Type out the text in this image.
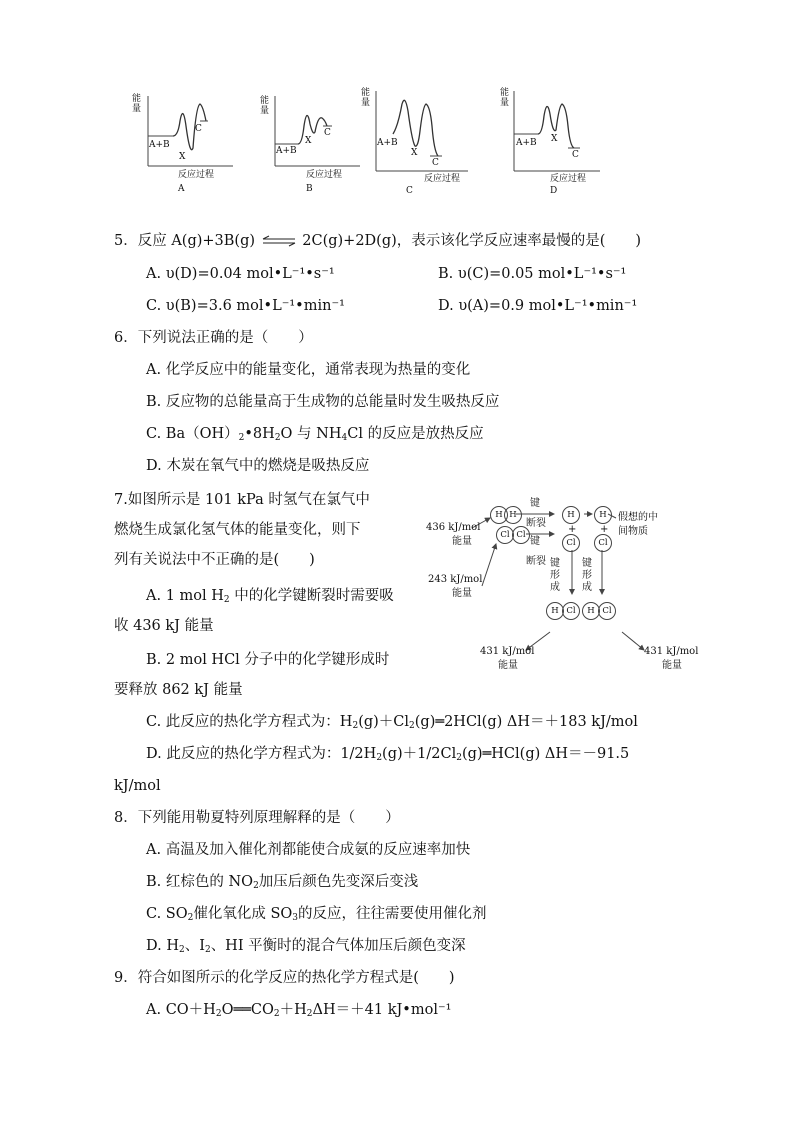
能量
A+B
X
C
反应过程
A
能量
A+B
X
C
反应过程
B
能量
A+B
X
C
反应过程
C
能量
A+B X
C
反应过程
D
5．反应 A(g)+3B(g) ⇌ 2C(g)+2D(g)，表示该化学反应速率最慢的是( )
A. υ(D)=0.04 mol•L⁻¹•s⁻¹	B. υ(C)=0.05 mol•L⁻¹•s⁻¹
C. υ(B)=3.6 mol•L⁻¹•min⁻¹	D. υ(A)=0.9 mol•L⁻¹•min⁻¹
6．下列说法正确的是（ ）
A. 化学反应中的能量变化，通常表现为热量的变化
B. 反应物的总能量高于生成物的总能量时发生吸热反应
C. $Ba(OH)_2•8H_2O$ 与 $NH_4Cl$ 的反应是放热反应
D. 木炭在氧气中的燃烧是吸热反应
7.如图所示是 101 kPa 时氢气在氯气中
燃烧生成氯化氢气体的能量变化，则下
列有关说法中不正确的是( )
A. 1 mol $H_2$ 中的化学键断裂时需要吸
收 436 kJ 能量
B. 2 mol HCl 分子中的化学键形成时
要释放 862 kJ 能量
C. 此反应的热化学方程式为：$H_2(g)+Cl_2(g)═2HCl(g)$ ΔH＝＋183 kJ/mol
D. 此反应的热化学方程式为：$1/2H_2(g)+1/2Cl_2(g)═HCl(g)$ ΔH＝－91.5
kJ/mol
436 kJ/mol
能量
243 kJ/mol
能量
H H
Cl Cl
键
断裂
键
断裂
H
+
Cl
H
+
Cl
假想的中
间物质
键形成
键形成
H Cl	H Cl
431 kJ/mol
能量
431 kJ/mol
能量
8．下列能用勒夏特列原理解释的是（ ）
A. 高温及加入催化剂都能使合成氨的反应速率加快
B. 红棕色的 $NO_2$加压后颜色先变深后变浅
C. $SO_2$催化氧化成 $SO_3$的反应，往往需要使用催化剂
D. $H_2$、$I_2$、HI 平衡时的混合气体加压后颜色变深
9．符合如图所示的化学反应的热化学方程式是( )
A. $CO+H_2O══CO_2+H_2\Delta H=+41$ kJ•mol⁻¹
